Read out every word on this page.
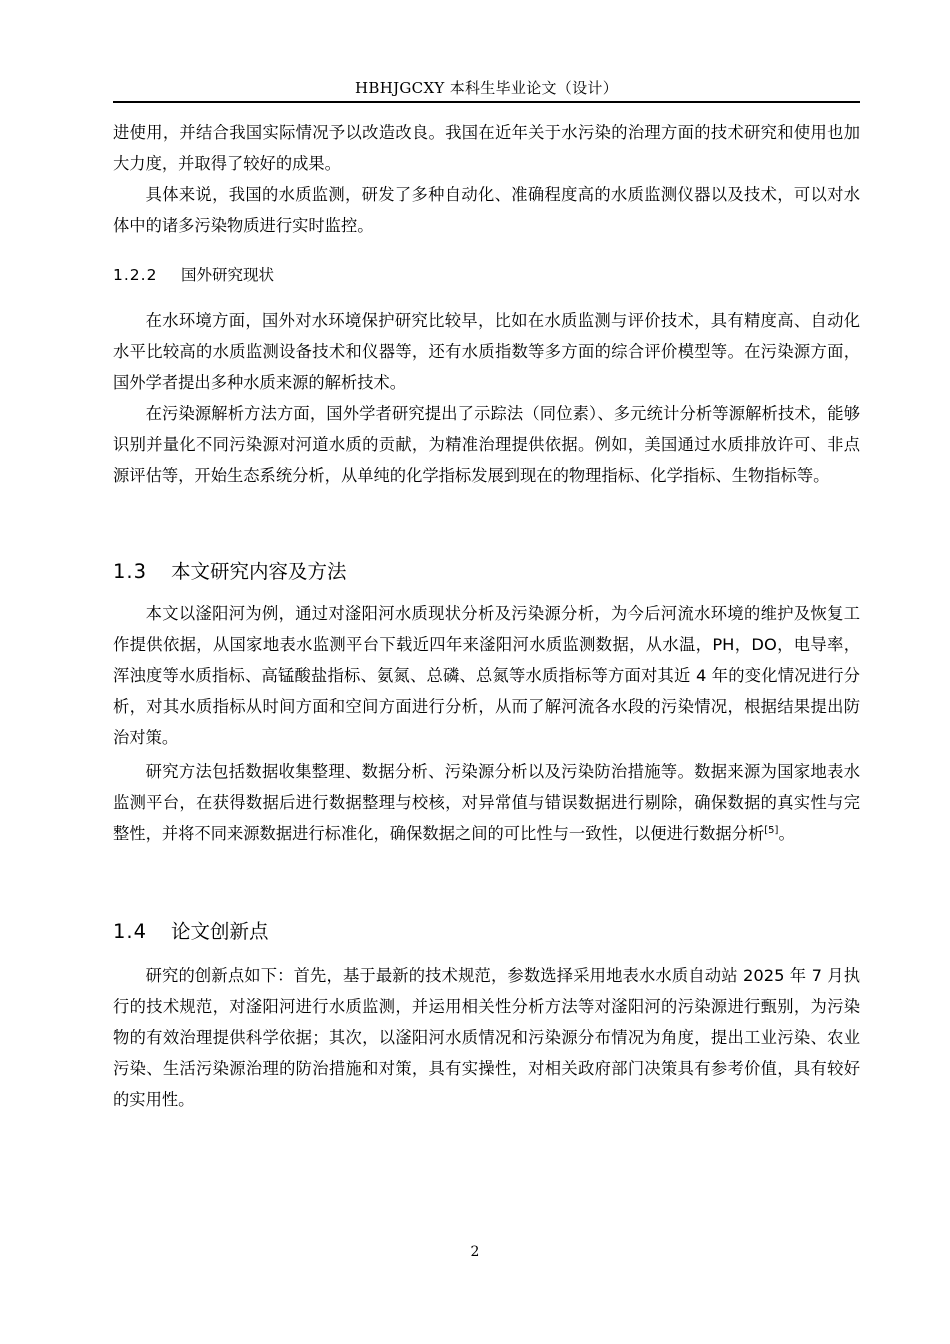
HBHJGCXY 本科生毕业论文（设计）

进使用，并结合我国实际情况予以改造改良。我国在近年关于水污染的治理方面的技术研究和使用也加大力度，并取得了较好的成果。

具体来说，我国的水质监测，研发了多种自动化、准确程度高的水质监测仪器以及技术，可以对水体中的诸多污染物质进行实时监控。

1.2.2 国外研究现状

在水环境方面，国外对水环境保护研究比较早，比如在水质监测与评价技术，具有精度高、自动化水平比较高的水质监测设备技术和仪器等，还有水质指数等多方面的综合评价模型等。在污染源方面，国外学者提出多种水质来源的解析技术。

在污染源解析方法方面，国外学者研究提出了示踪法（同位素）、多元统计分析等源解析技术，能够识别并量化不同污染源对河道水质的贡献，为精准治理提供依据。例如，美国通过水质排放许可、非点源评估等，开始生态系统分析，从单纯的化学指标发展到现在的物理指标、化学指标、生物指标等。

1.3 本文研究内容及方法

本文以滏阳河为例，通过对滏阳河水质现状分析及污染源分析，为今后河流水环境的维护及恢复工作提供依据，从国家地表水监测平台下载近四年来滏阳河水质监测数据，从水温，PH，DO，电导率，浑浊度等水质指标、高锰酸盐指标、氨氮、总磷、总氮等水质指标等方面对其近 4 年的变化情况进行分析，对其水质指标从时间方面和空间方面进行分析，从而了解河流各水段的污染情况，根据结果提出防治对策。

研究方法包括数据收集整理、数据分析、污染源分析以及污染防治措施等。数据来源为国家地表水监测平台，在获得数据后进行数据整理与校核，对异常值与错误数据进行剔除，确保数据的真实性与完整性，并将不同来源数据进行标准化，确保数据之间的可比性与一致性，以便进行数据分析[5]。

1.4 论文创新点

研究的创新点如下：首先，基于最新的技术规范，参数选择采用地表水水质自动站 2025 年 7 月执行的技术规范，对滏阳河进行水质监测，并运用相关性分析方法等对滏阳河的污染源进行甄别，为污染物的有效治理提供科学依据；其次，以滏阳河水质情况和污染源分布情况为角度，提出工业污染、农业污染、生活污染源治理的防治措施和对策，具有实操性，对相关政府部门决策具有参考价值，具有较好的实用性。

2
